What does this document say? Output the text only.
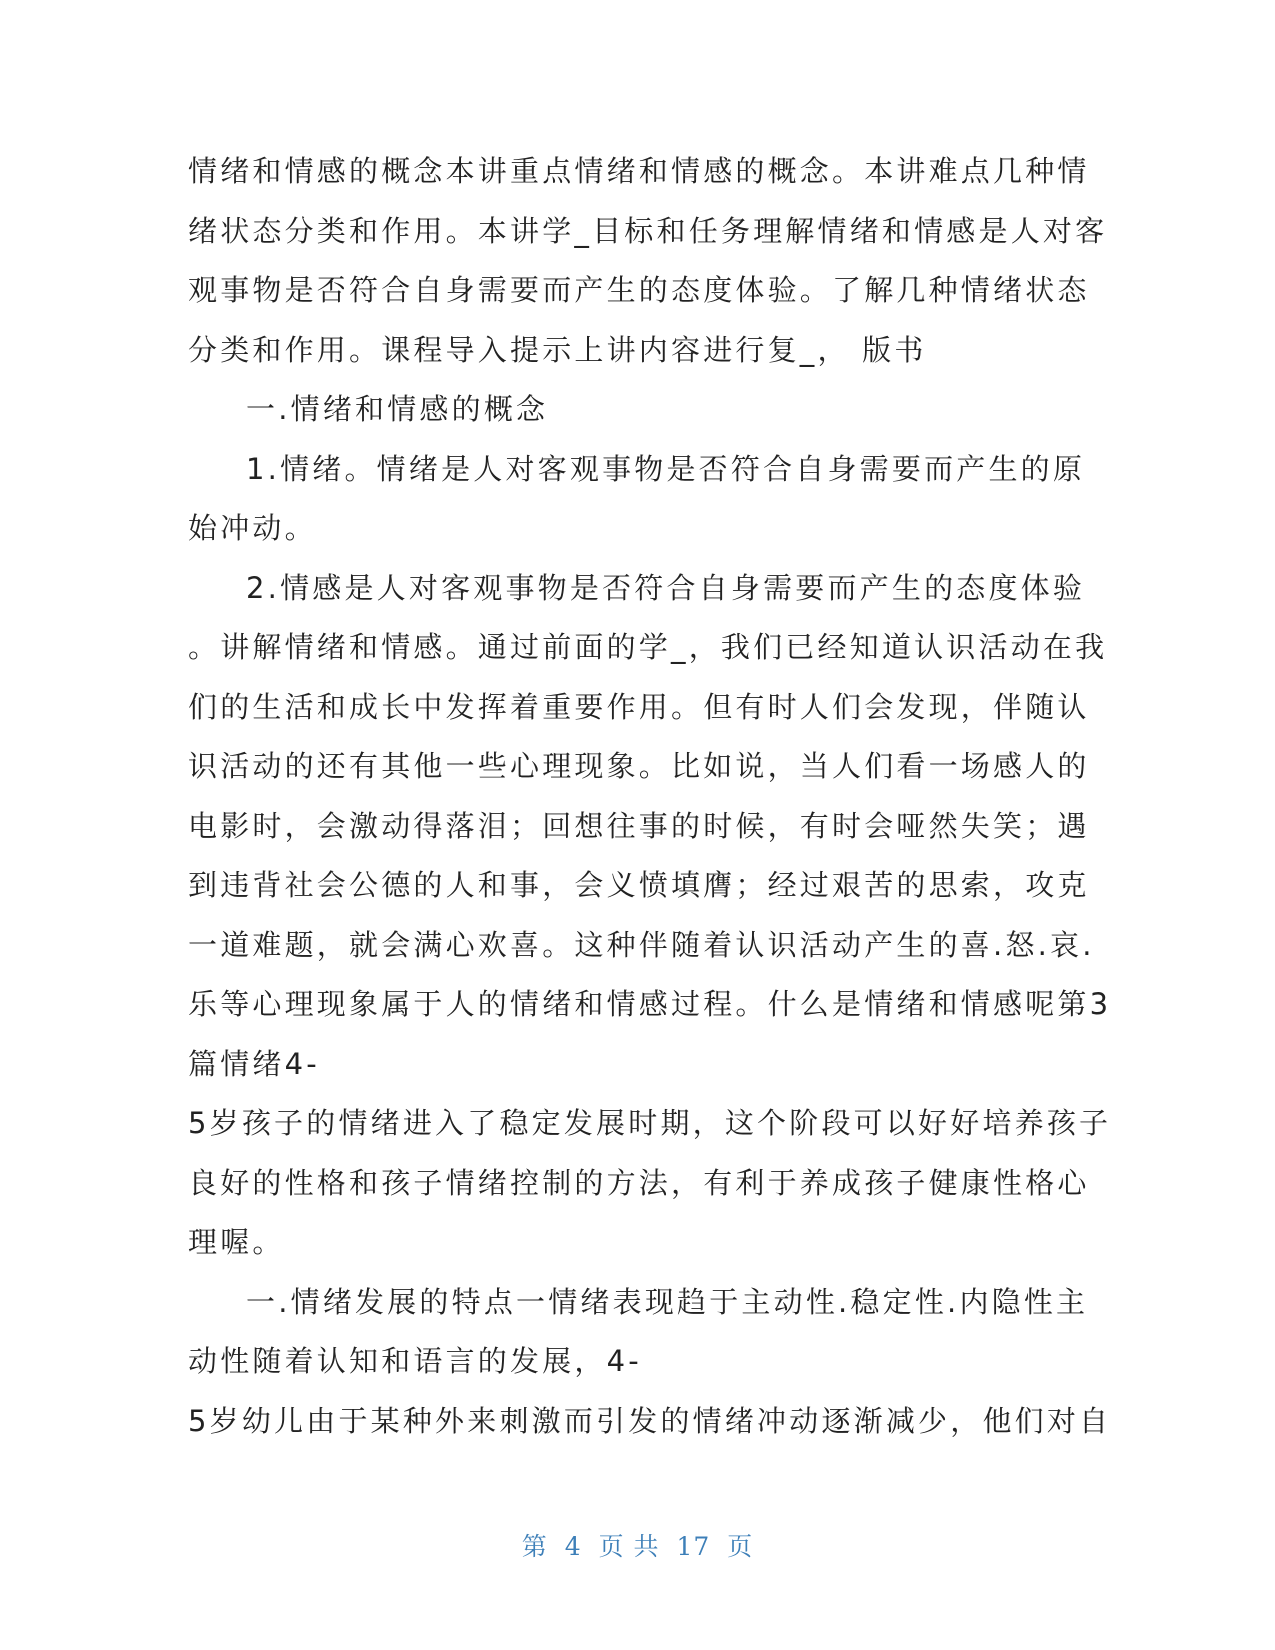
情绪和情感的概念本讲重点情绪和情感的概念。本讲难点几种情
绪状态分类和作用。本讲学_目标和任务理解情绪和情感是人对客
观事物是否符合自身需要而产生的态度体验。了解几种情绪状态
分类和作用。课程导入提示上讲内容进行复_， 版书
一.情绪和情感的概念
1.情绪。情绪是人对客观事物是否符合自身需要而产生的原
始冲动。
2.情感是人对客观事物是否符合自身需要而产生的态度体验
。讲解情绪和情感。通过前面的学_，我们已经知道认识活动在我
们的生活和成长中发挥着重要作用。但有时人们会发现，伴随认
识活动的还有其他一些心理现象。比如说，当人们看一场感人的
电影时，会激动得落泪；回想往事的时候，有时会哑然失笑；遇
到违背社会公德的人和事，会义愤填膺；经过艰苦的思索，攻克
一道难题，就会满心欢喜。这种伴随着认识活动产生的喜.怒.哀.
乐等心理现象属于人的情绪和情感过程。什么是情绪和情感呢第3
篇情绪4-
5岁孩子的情绪进入了稳定发展时期，这个阶段可以好好培养孩子
良好的性格和孩子情绪控制的方法，有利于养成孩子健康性格心
理喔。
一.情绪发展的特点一情绪表现趋于主动性.稳定性.内隐性主
动性随着认知和语言的发展，4-
5岁幼儿由于某种外来刺激而引发的情绪冲动逐渐减少，他们对自
第 4 页 共 17 页
